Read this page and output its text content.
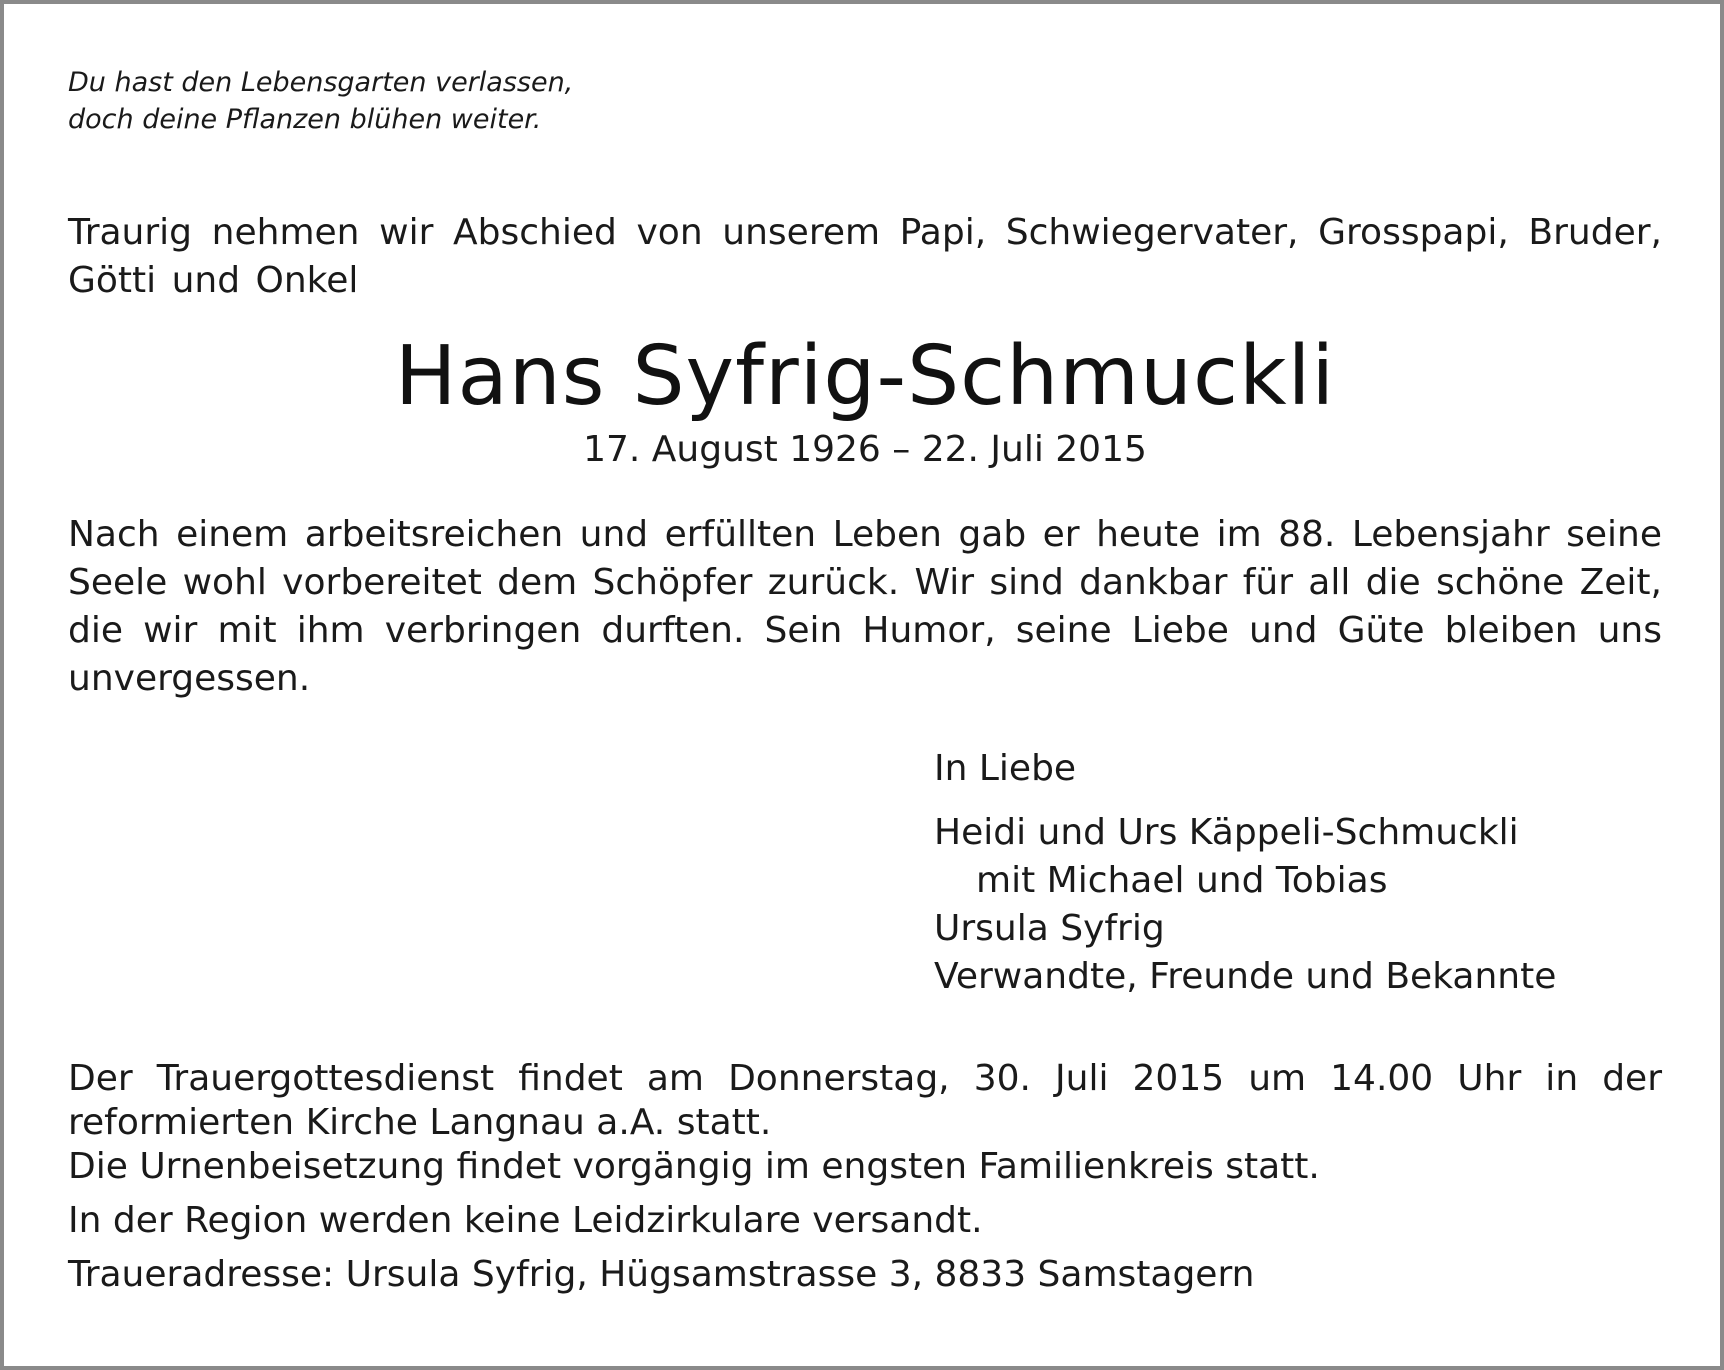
Du hast den Lebensgarten verlassen,
doch deine Pflanzen blühen weiter.
Traurig nehmen wir Abschied von unserem Papi, Schwiegervater, Grosspapi, Bruder, Götti und Onkel
Hans Syfrig-Schmuckli
17. August 1926 – 22. Juli 2015
Nach einem arbeitsreichen und erfüllten Leben gab er heute im 88. Lebensjahr seine Seele wohl vorbereitet dem Schöpfer zurück. Wir sind dankbar für all die schöne Zeit, die wir mit ihm verbringen durften. Sein Humor, seine Liebe und Güte bleiben uns unvergessen.
In Liebe
Heidi und Urs Käppeli-Schmuckli
mit Michael und Tobias
Ursula Syfrig
Verwandte, Freunde und Bekannte

Der Trauergottesdienst findet am Donnerstag, 30. Juli 2015 um 14.00 Uhr in der reformierten Kirche Langnau a.A. statt.

Die Urnenbeisetzung findet vorgängig im engsten Familienkreis statt.

In der Region werden keine Leidzirkulare versandt.

Traueradresse: Ursula Syfrig, Hügsamstrasse 3, 8833 Samstagern
